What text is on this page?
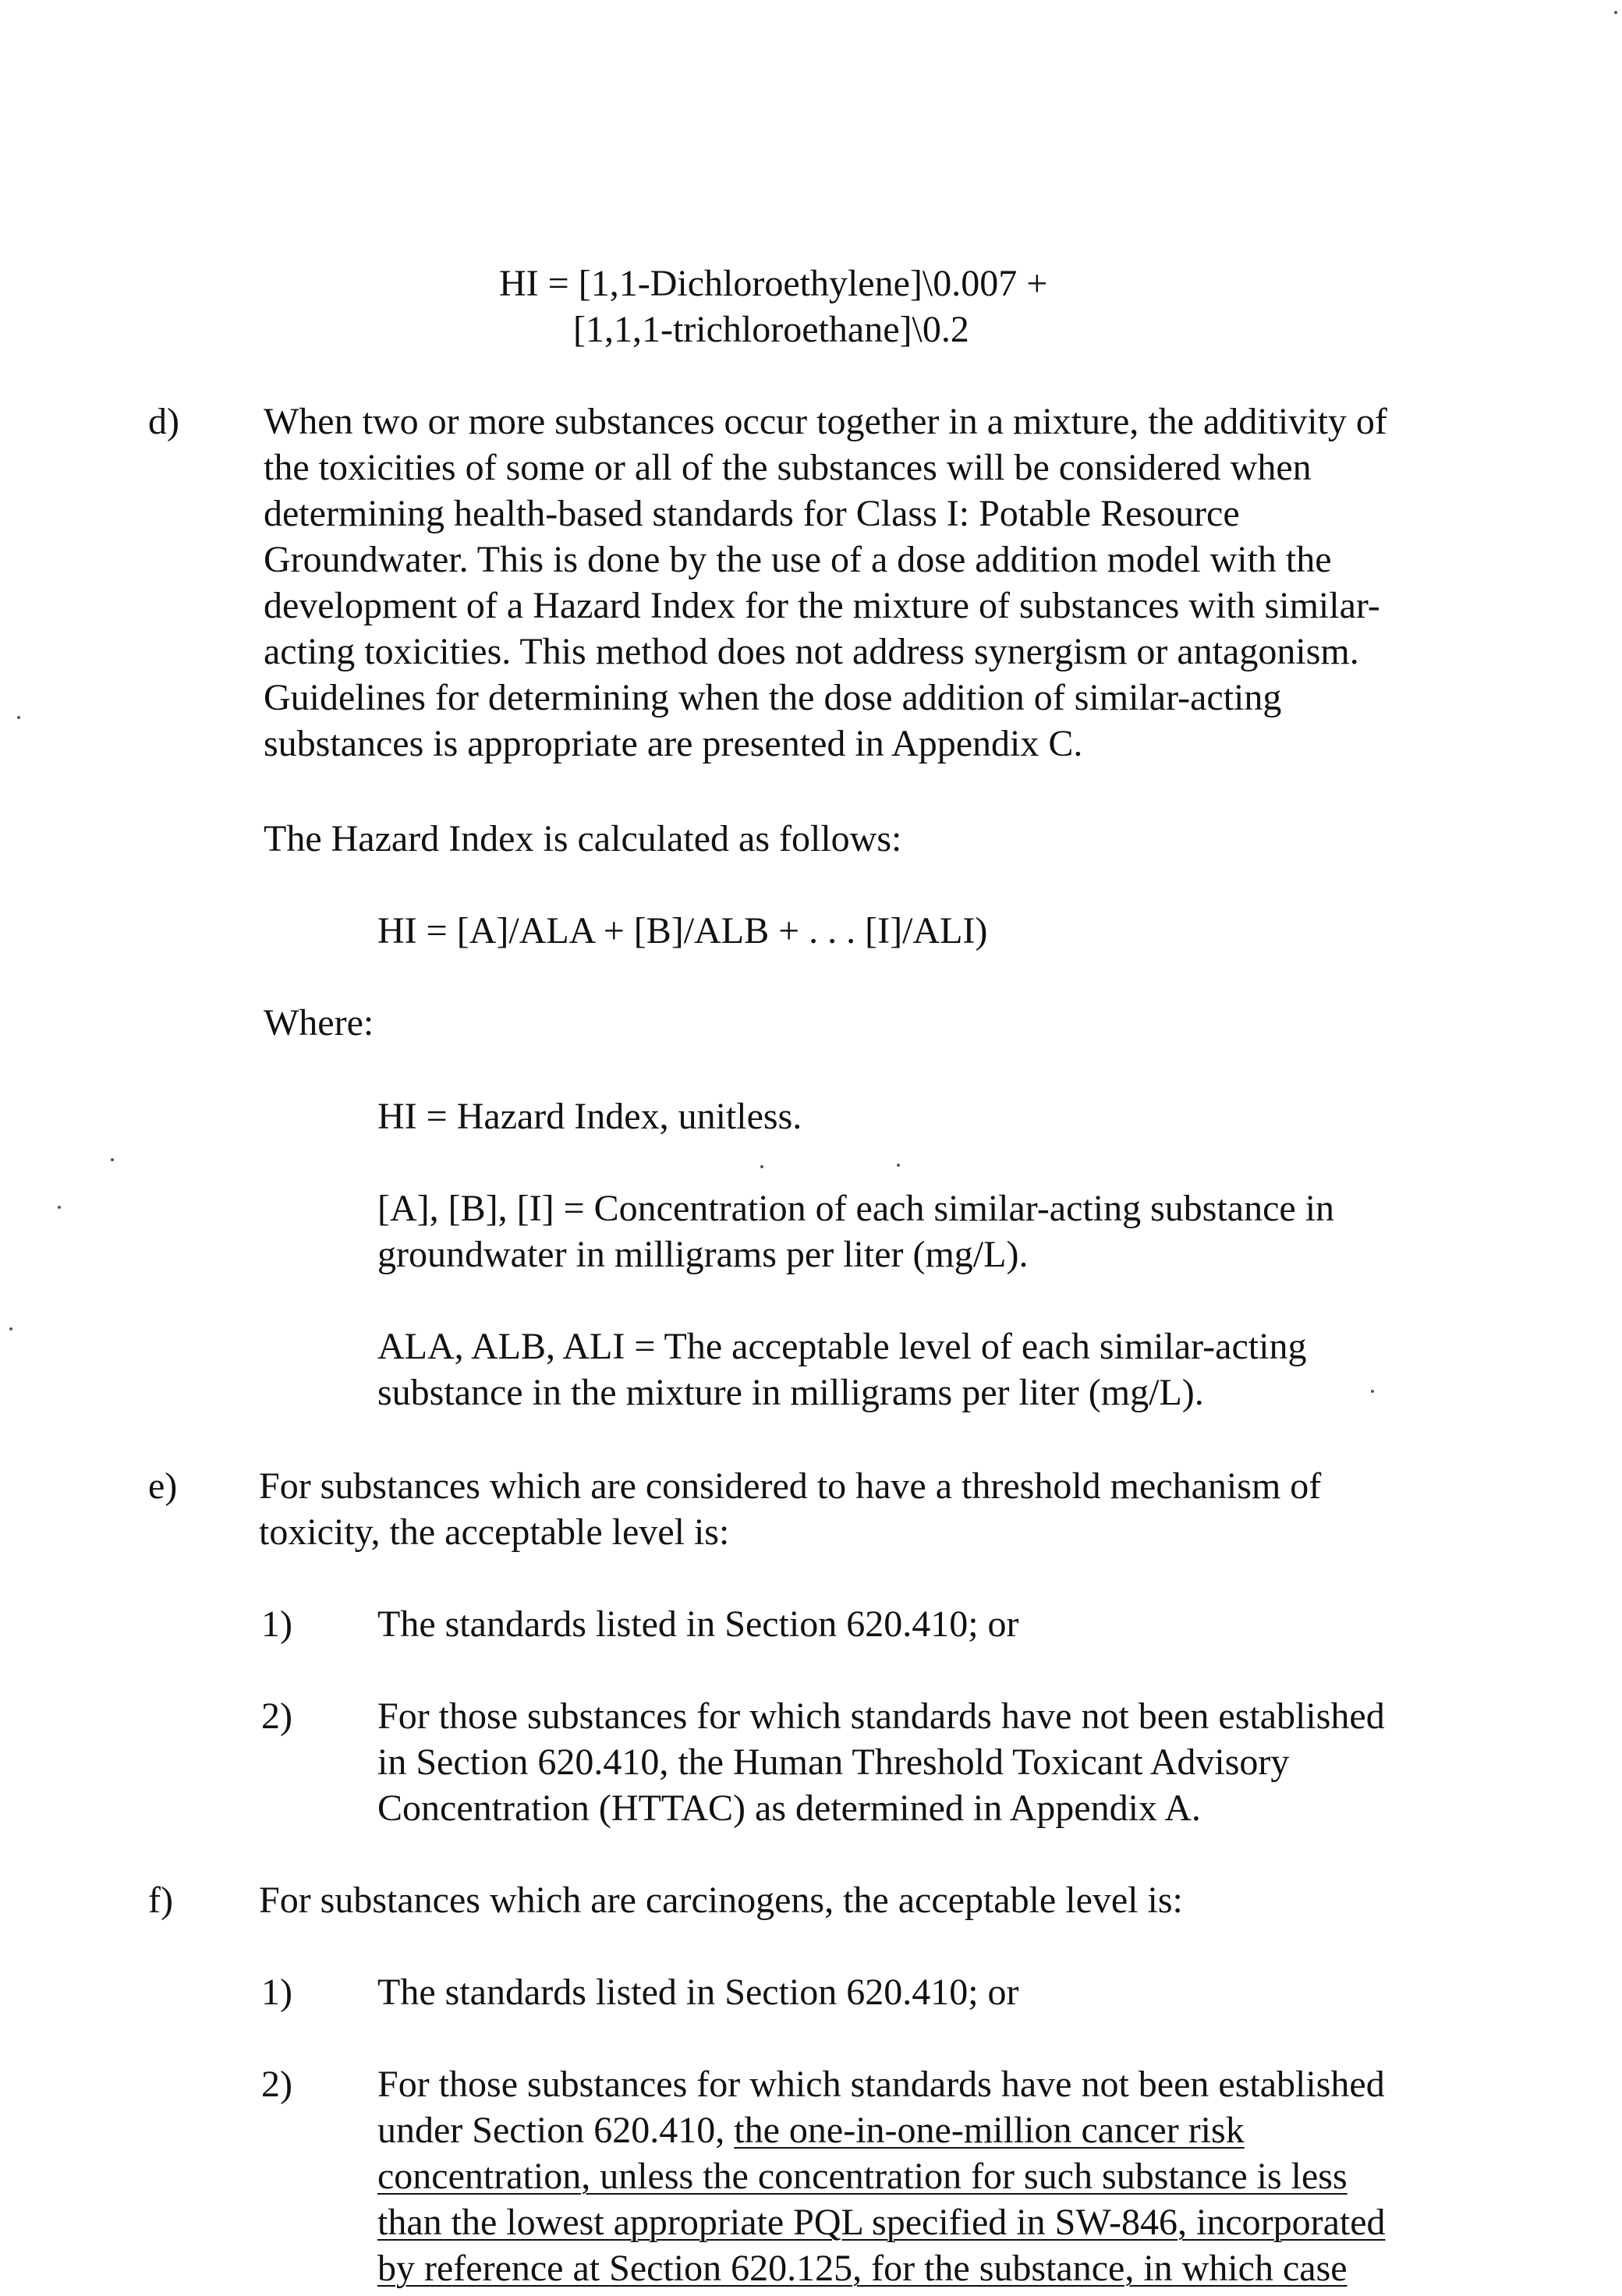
HI = [1,1-Dichloroethylene]\0.007 +
[1,1,1-trichloroethane]\0.2
d) When two or more substances occur together in a mixture, the additivity of
the toxicities of some or all of the substances will be considered when
determining health-based standards for Class I: Potable Resource
Groundwater. This is done by the use of a dose addition model with the
development of a Hazard Index for the mixture of substances with similar-
acting toxicities. This method does not address synergism or antagonism.
Guidelines for determining when the dose addition of similar-acting
substances is appropriate are presented in Appendix C.
The Hazard Index is calculated as follows:
HI = [A]/ALA + [B]/ALB + . . . [I]/ALI)
Where:
HI = Hazard Index, unitless.
[A], [B], [I] = Concentration of each similar-acting substance in
groundwater in milligrams per liter (mg/L).
ALA, ALB, ALI = The acceptable level of each similar-acting
substance in the mixture in milligrams per liter (mg/L).
e) For substances which are considered to have a threshold mechanism of
toxicity, the acceptable level is:
1) The standards listed in Section 620.410; or
2) For those substances for which standards have not been established
in Section 620.410, the Human Threshold Toxicant Advisory
Concentration (HTTAC) as determined in Appendix A.
f) For substances which are carcinogens, the acceptable level is:
1) The standards listed in Section 620.410; or
2) For those substances for which standards have not been established
under Section 620.410, the one-in-one-million cancer risk
concentration, unless the concentration for such substance is less
than the lowest appropriate PQL specified in SW-846, incorporated
by reference at Section 620.125, for the substance, in which case
